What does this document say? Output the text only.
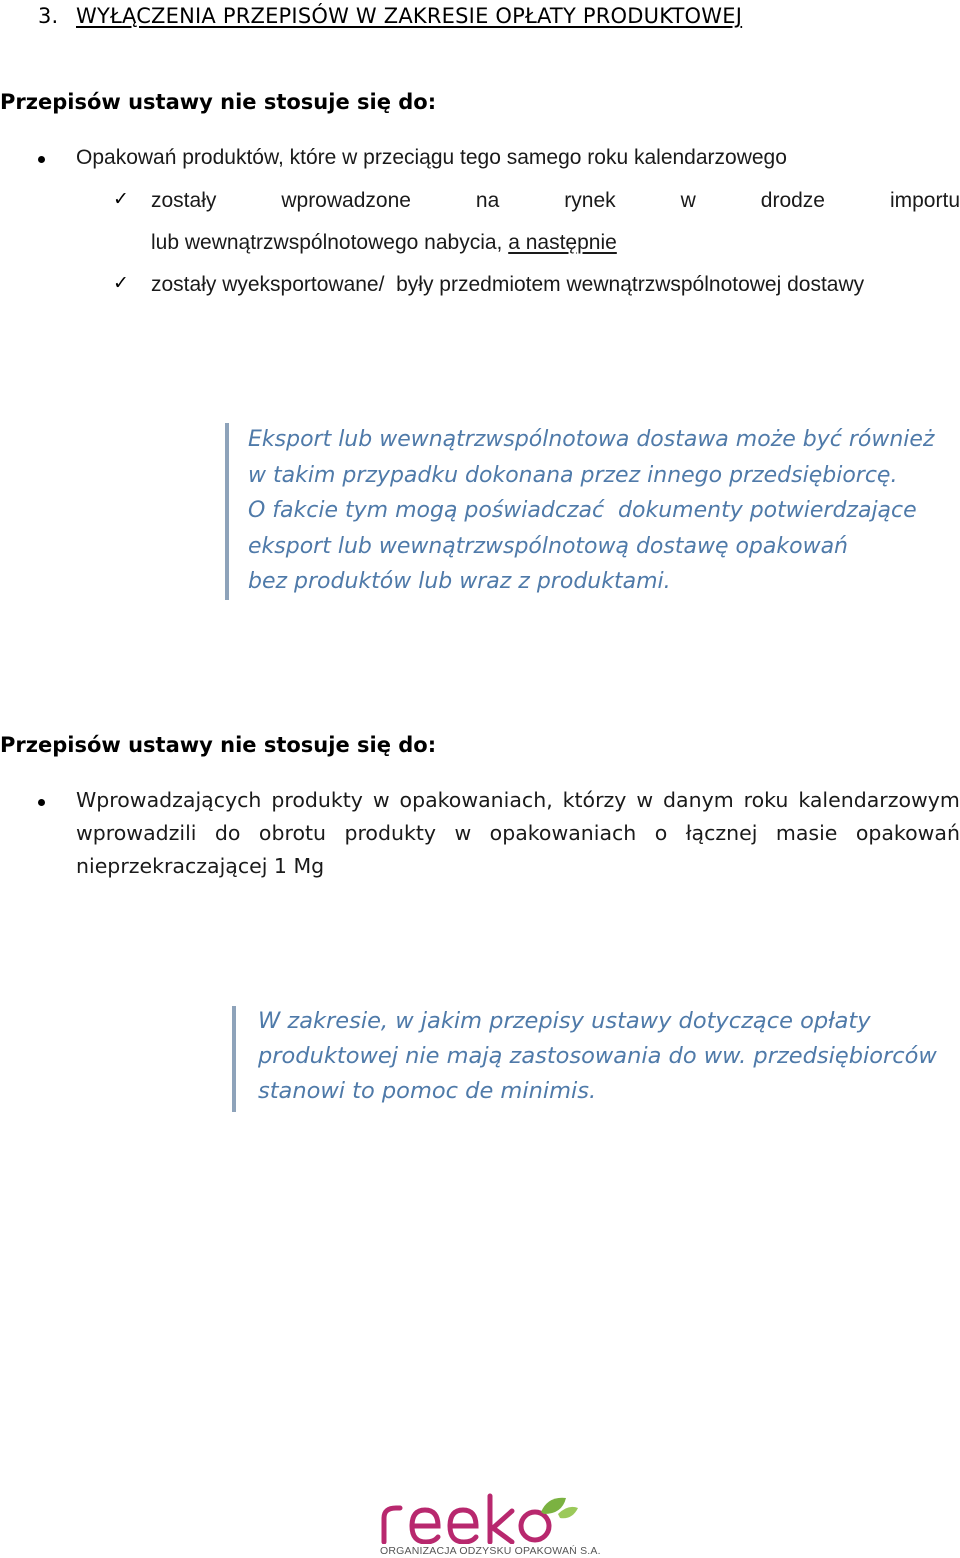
3. WYŁĄCZENIA PRZEPISÓW W ZAKRESIE OPŁATY PRODUKTOWEJ
Przepisów ustawy nie stosuje się do:
Opakowań produktów, które w przeciągu tego samego roku kalendarzowego
✓ zostały	wprowadzone	na	rynek	w	drodze	importu
lub wewnątrzwspólnotowego nabycia, a następnie
✓ zostały wyeksportowane/  były przedmiotem wewnątrzwspólnotowej dostawy
Eksport lub wewnątrzwspólnotowa dostawa może być również
w takim przypadku dokonana przez innego przedsiębiorcę.
O fakcie tym mogą poświadczać  dokumenty potwierdzające
eksport lub wewnątrzwspólnotową dostawę opakowań
bez produktów lub wraz z produktami.
Przepisów ustawy nie stosuje się do:
Wprowadzających produkty w opakowaniach, którzy w danym roku kalendarzowym
wprowadzili do obrotu produkty w opakowaniach o łącznej masie opakowań
nieprzekraczającej 1 Mg
W zakresie, w jakim przepisy ustawy dotyczące opłaty
produktowej nie mają zastosowania do ww. przedsiębiorców
stanowi to pomoc de minimis.
ORGANIZACJA ODZYSKU OPAKOWAŃ S.A.
